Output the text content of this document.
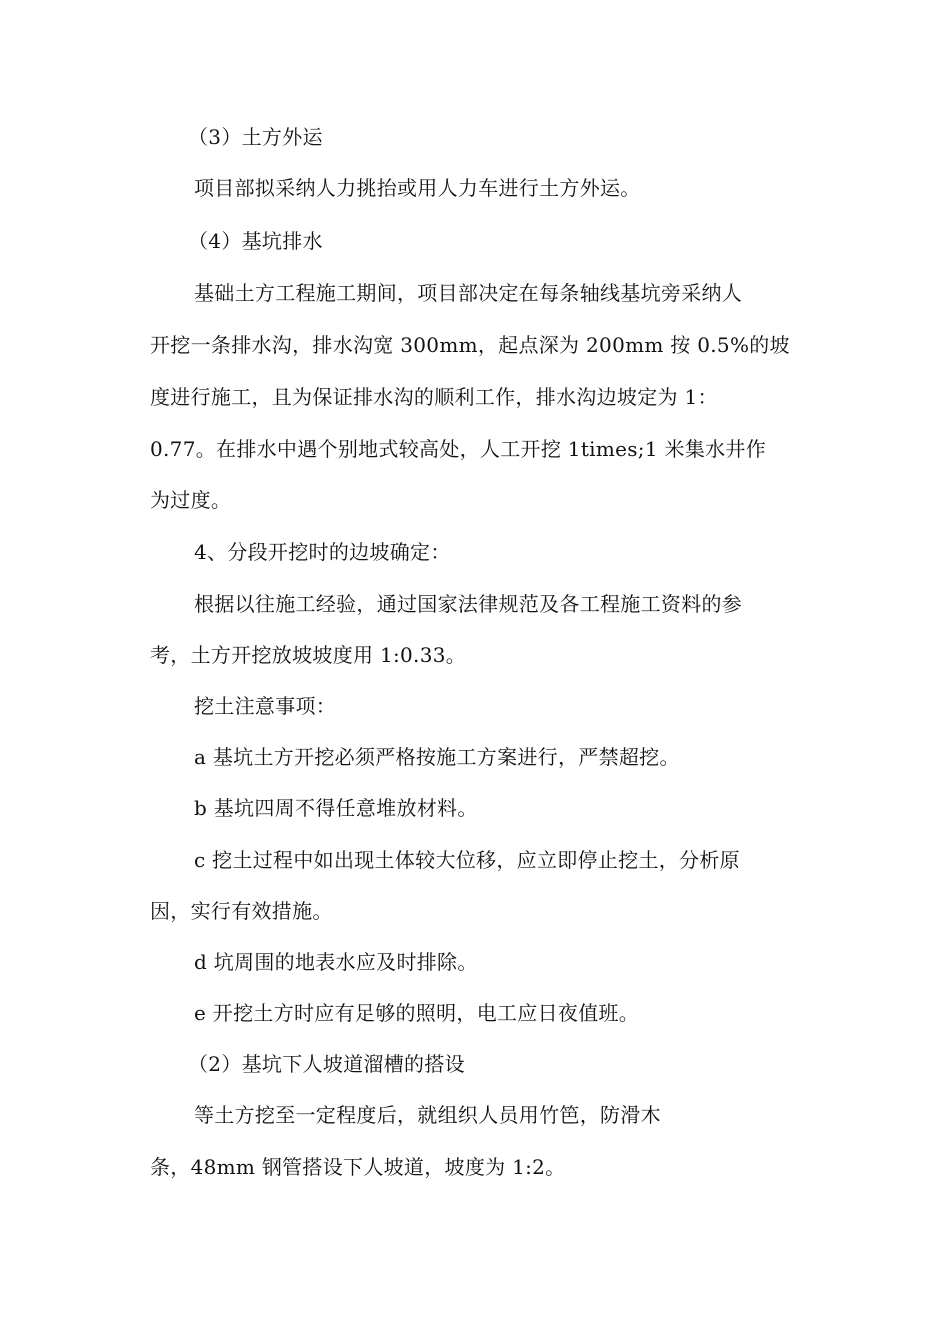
（3）土方外运
项目部拟采纳人力挑抬或用人力车进行土方外运。
（4）基坑排水
基础土方工程施工期间，项目部决定在每条轴线基坑旁采纳人
开挖一条排水沟，排水沟宽 300mm，起点深为 200mm 按 0.5%的坡
度进行施工，且为保证排水沟的顺利工作，排水沟边坡定为 1：
0.77。在排水中遇个别地式较高处，人工开挖 1times;1 米集水井作
为过度。
4、分段开挖时的边坡确定：
根据以往施工经验，通过国家法律规范及各工程施工资料的参
考，土方开挖放坡坡度用 1:0.33。
挖土注意事项：
a 基坑土方开挖必须严格按施工方案进行，严禁超挖。
b 基坑四周不得任意堆放材料。
c 挖土过程中如出现土体较大位移，应立即停止挖土，分析原
因，实行有效措施。
d 坑周围的地表水应及时排除。
e 开挖土方时应有足够的照明，电工应日夜值班。
（2）基坑下人坡道溜槽的搭设
等土方挖至一定程度后，就组织人员用竹笆，防滑木
条，48mm 钢管搭设下人坡道，坡度为 1:2。
